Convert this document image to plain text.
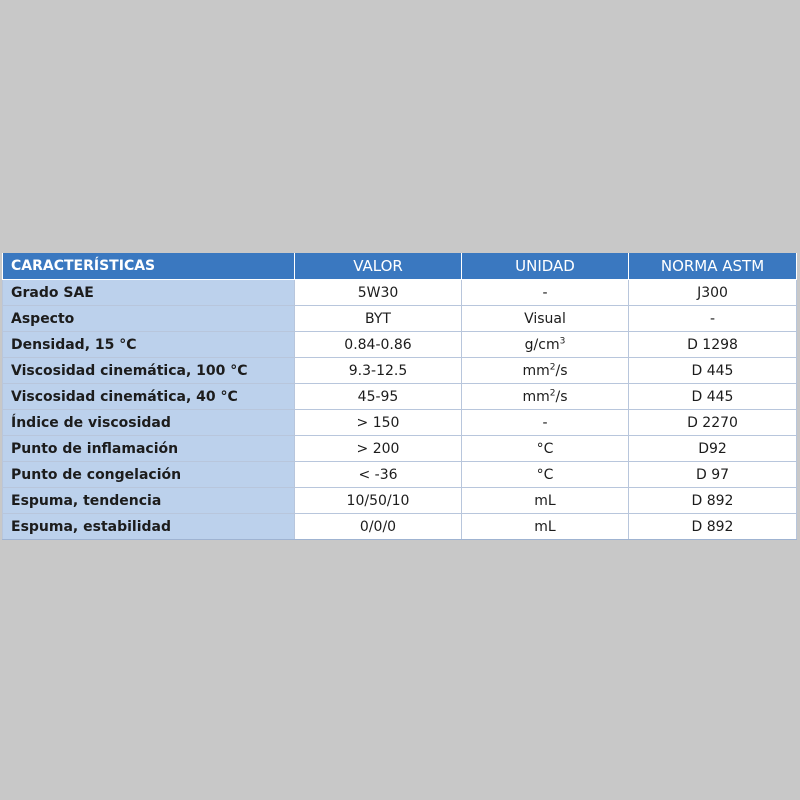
CARACTERÍSTICAS	VALOR	UNIDAD	NORMA ASTM
Grado SAE	5W30	-	J300
Aspecto	BYT	Visual	-
Densidad, 15 °C	0.84-0.86	$g/cm^3$	D 1298
Viscosidad cinemática, 100 °C	9.3-12.5	$mm^2/s$	D 445
Viscosidad cinemática, 40 °C	45-95	$mm^2/s$	D 445
Índice de viscosidad	> 150	-	D 2270
Punto de inflamación	> 200	°C	D92
Punto de congelación	< -36	°C	D 97
Espuma, tendencia	10/50/10	mL	D 892
Espuma, estabilidad	0/0/0	mL	D 892
